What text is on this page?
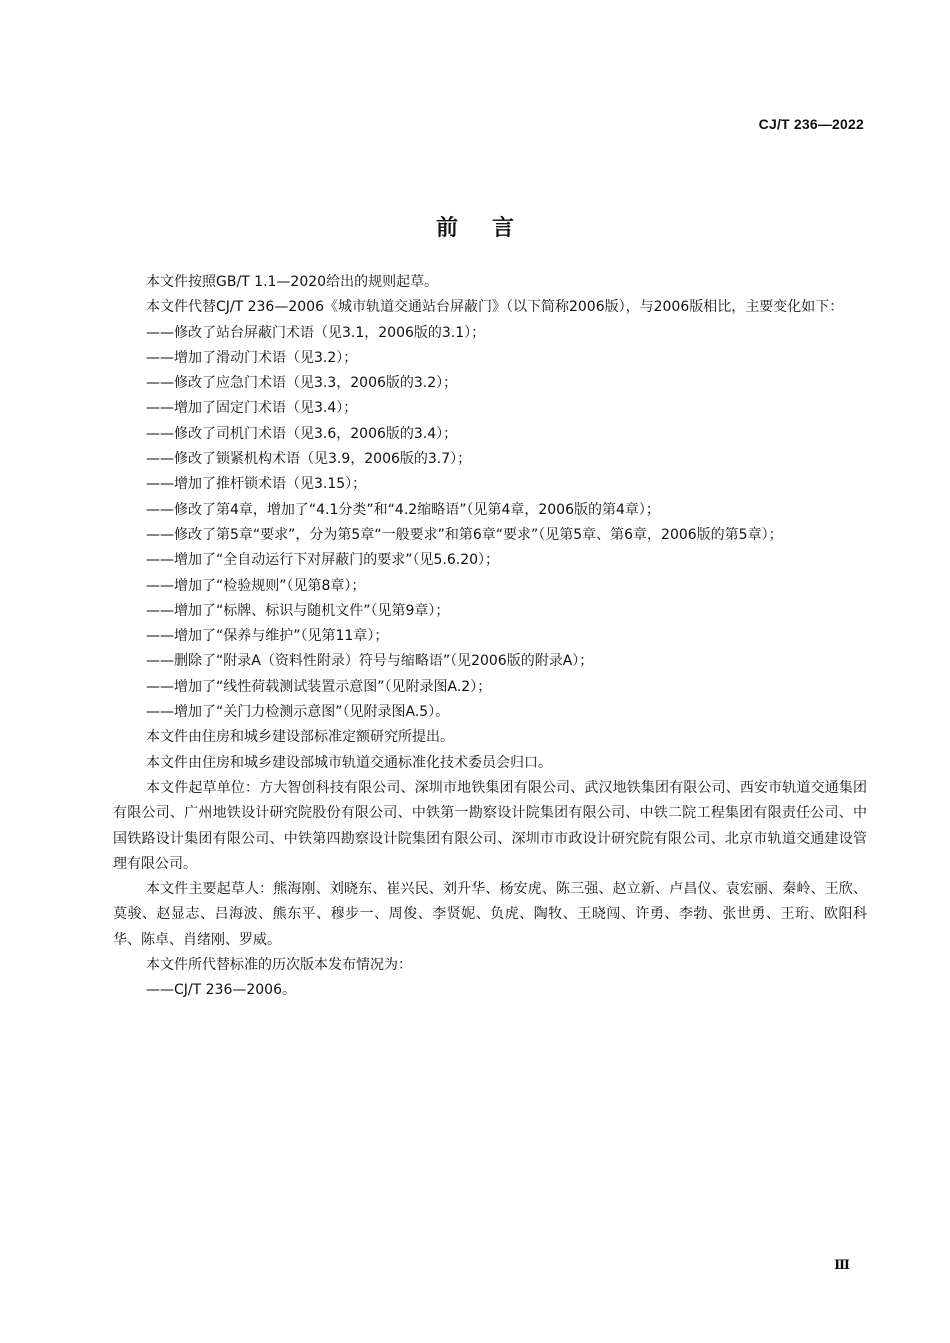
CJ/T 236—2022
前言

本文件按照GB/T 1.1—2020给出的规则起草。

本文件代替CJ/T 236—2006《城市轨道交通站台屏蔽门》（以下简称2006版），与2006版相比，主要变化如下：

——修改了站台屏蔽门术语（见3.1，2006版的3.1）；

——增加了滑动门术语（见3.2）；

——修改了应急门术语（见3.3，2006版的3.2）；

——增加了固定门术语（见3.4）；

——修改了司机门术语（见3.6，2006版的3.4）；

——修改了锁紧机构术语（见3.9，2006版的3.7）；

——增加了推杆锁术语（见3.15）；

——修改了第4章，增加了“4.1分类”和“4.2缩略语”（见第4章，2006版的第4章）；

——修改了第5章“要求”，分为第5章“一般要求”和第6章“要求”（见第5章、第6章，2006版的第5章）；

——增加了“全自动运行下对屏蔽门的要求”（见5.6.20）；

——增加了“检验规则”（见第8章）；

——增加了“标牌、标识与随机文件”（见第9章）；

——增加了“保养与维护”（见第11章）；

——删除了“附录A（资料性附录）符号与缩略语”（见2006版的附录A）；

——增加了“线性荷载测试装置示意图”（见附录图A.2）；

——增加了“关门力检测示意图”（见附录图A.5）。

本文件由住房和城乡建设部标准定额研究所提出。

本文件由住房和城乡建设部城市轨道交通标准化技术委员会归口。

本文件起草单位：方大智创科技有限公司、深圳市地铁集团有限公司、武汉地铁集团有限公司、西安市轨道交通集团有限公司、广州地铁设计研究院股份有限公司、中铁第一勘察设计院集团有限公司、中铁二院工程集团有限责任公司、中国铁路设计集团有限公司、中铁第四勘察设计院集团有限公司、深圳市市政设计研究院有限公司、北京市轨道交通建设管理有限公司。

本文件主要起草人：熊海刚、刘晓东、崔兴民、刘升华、杨安虎、陈三强、赵立新、卢昌仪、袁宏丽、秦岭、王欣、莫骏、赵显志、吕海波、熊东平、穆步一、周俊、李贤妮、负虎、陶牧、王晓闯、许勇、李勃、张世勇、王珩、欧阳科华、陈卓、肖绪刚、罗威。

本文件所代替标准的历次版本发布情况为：

——CJ/T 236—2006。

Ⅲ
